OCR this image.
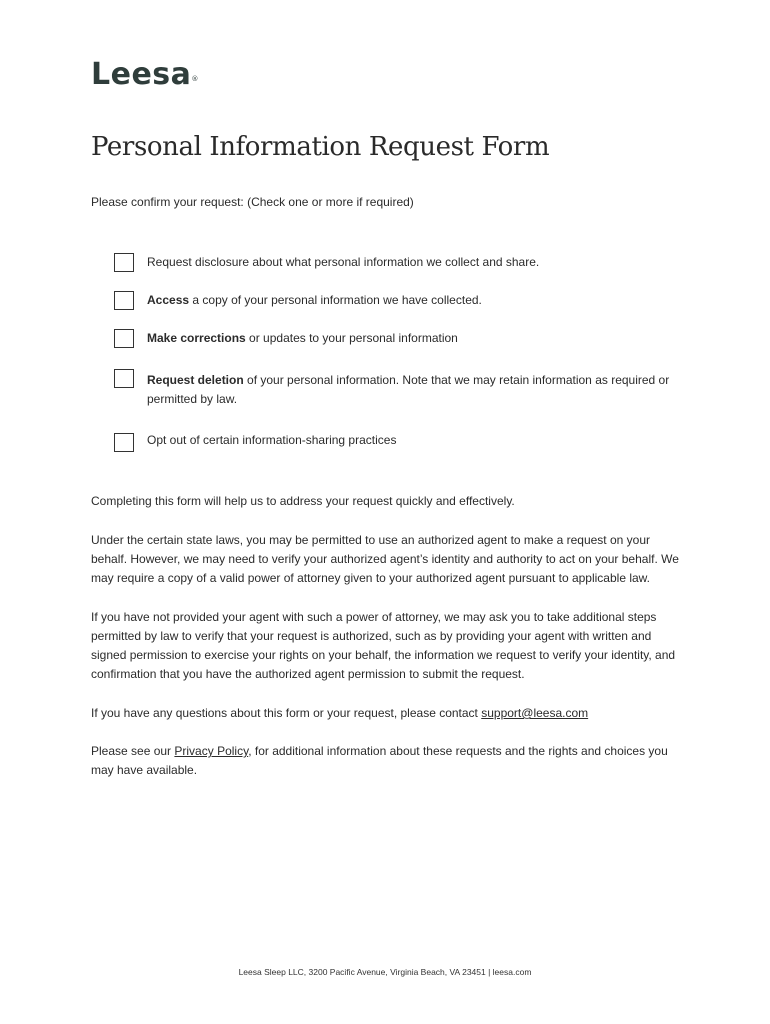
Leesa®
Personal Information Request Form
Please confirm your request: (Check one or more if required)
Request disclosure about what personal information we collect and share.
Access a copy of your personal information we have collected.
Make corrections or updates to your personal information
Request deletion of your personal information. Note that we may retain information as required or permitted by law.
Opt out of certain information-sharing practices
Completing this form will help us to address your request quickly and effectively.
Under the certain state laws, you may be permitted to use an authorized agent to make a request on your behalf. However, we may need to verify your authorized agent’s identity and authority to act on your behalf. We may require a copy of a valid power of attorney given to your authorized agent pursuant to applicable law.
If you have not provided your agent with such a power of attorney, we may ask you to take additional steps permitted by law to verify that your request is authorized, such as by providing your agent with written and signed permission to exercise your rights on your behalf, the information we request to verify your identity, and confirmation that you have the authorized agent permission to submit the request.
If you have any questions about this form or your request, please contact support@leesa.com
Please see our Privacy Policy, for additional information about these requests and the rights and choices you may have available.
Leesa Sleep LLC, 3200 Pacific Avenue, Virginia Beach, VA 23451 | leesa.com
